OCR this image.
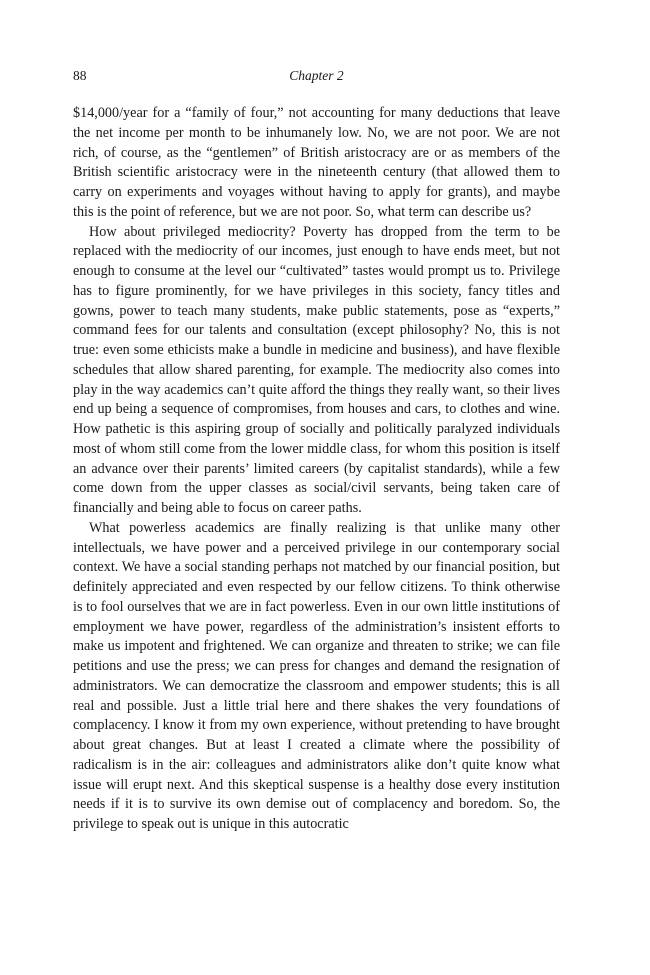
88	Chapter 2

$14,000/year for a “family of four,” not accounting for many deductions that leave the net income per month to be inhumanely low. No, we are not poor. We are not rich, of course, as the “gentlemen” of British aristocracy are or as members of the British scientific aristocracy were in the nineteenth century (that allowed them to carry on experiments and voyages without having to apply for grants), and maybe this is the point of reference, but we are not poor. So, what term can describe us?

How about privileged mediocrity? Poverty has dropped from the term to be replaced with the mediocrity of our incomes, just enough to have ends meet, but not enough to consume at the level our “cultivated” tastes would prompt us to. Privilege has to figure prominently, for we have privileges in this society, fancy titles and gowns, power to teach many students, make public statements, pose as “experts,” command fees for our talents and consultation (except philosophy? No, this is not true: even some ethicists make a bundle in medicine and business), and have flexible schedules that allow shared parenting, for example. The mediocrity also comes into play in the way academics can’t quite afford the things they really want, so their lives end up being a sequence of compromises, from houses and cars, to clothes and wine. How pathetic is this aspiring group of socially and politically paralyzed individuals most of whom still come from the lower middle class, for whom this position is itself an advance over their parents’ limited careers (by capitalist standards), while a few come down from the upper classes as social/civil servants, being taken care of financially and being able to focus on career paths.

What powerless academics are finally realizing is that unlike many other intellectuals, we have power and a perceived privilege in our contemporary social context. We have a social standing perhaps not matched by our financial position, but definitely appreciated and even respected by our fellow citizens. To think otherwise is to fool ourselves that we are in fact powerless. Even in our own little institutions of employment we have power, regardless of the administration’s insistent efforts to make us impotent and frightened. We can organize and threaten to strike; we can file petitions and use the press; we can press for changes and demand the resignation of administrators. We can democratize the classroom and empower students; this is all real and possible. Just a little trial here and there shakes the very foundations of complacency. I know it from my own experience, without pretending to have brought about great changes. But at least I created a climate where the possibility of radicalism is in the air: colleagues and administrators alike don’t quite know what issue will erupt next. And this skeptical suspense is a healthy dose every institution needs if it is to survive its own demise out of complacency and boredom. So, the privilege to speak out is unique in this autocratic
